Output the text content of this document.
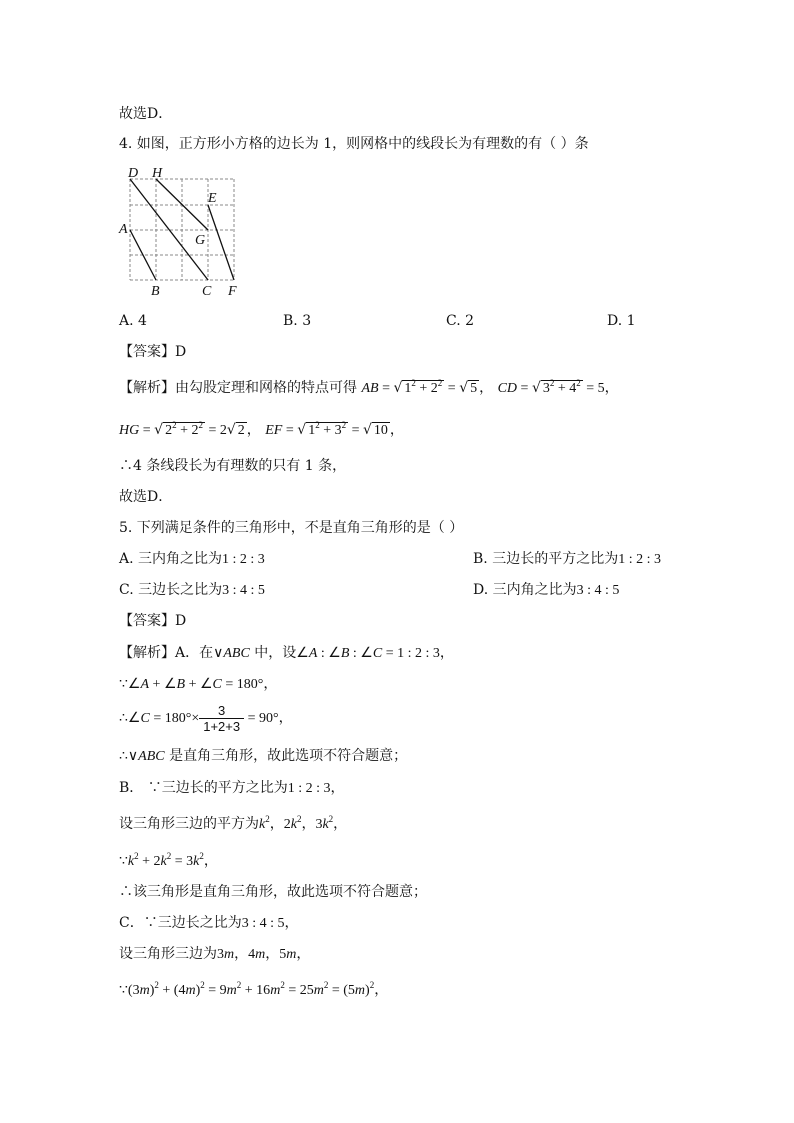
故选D．
4. 如图，正方形小方格的边长为 1，则网格中的线段长为有理数的有（ ）条
D H
E
A
G
B	C F
A. 4	B. 3	C. 2	D. 1
【答案】D
【解析】由勾股定理和网格的特点可得 AB = √ $1^2 + 2^2$ = √ 5 ， CD = √ $3^2 + 4^2 = 5$，
HG = √ $2^2 + 2^2 = 2√$ 2 ， EF = √ $1^2 + 3^2$ = √ 10 ，
∴4 条线段长为有理数的只有 1 条，
故选D．
5. 下列满足条件的三角形中，不是直角三角形的是（ ）
A. 三内角之比为1 : 2 : 3	B. 三边长的平方之比为1 : 2 : 3
C. 三边长之比为3 : 4 : 5	D. 三内角之比为3 : 4 : 5
【答案】D
【解析】A．在∨ABC 中，设∠A : ∠B : ∠C = 1 : 2 : 3，
∵∠A + ∠B + ∠C = 180°，
∴∠C = $180^\circ\times \frac{3}{1+2+3} = 90^\circ$，
∴∨ABC 是直角三角形，故此选项不符合题意；
B． ∵三边长的平方之比为1 : 2 : 3，
设三角形三边的平方为$k^2$，$2k^2$，$3k^2$，
$\because k^2 + 2k^2 = 3k^2$，
∴该三角形是直角三角形，故此选项不符合题意；
C．∵三边长之比为3 : 4 : 5，
设三角形三边为3m，4m，5m，
$\because(3m)^2 + (4m)^2 = 9m^2 + 16m^2 = 25m^2 = (5m)^2$，
